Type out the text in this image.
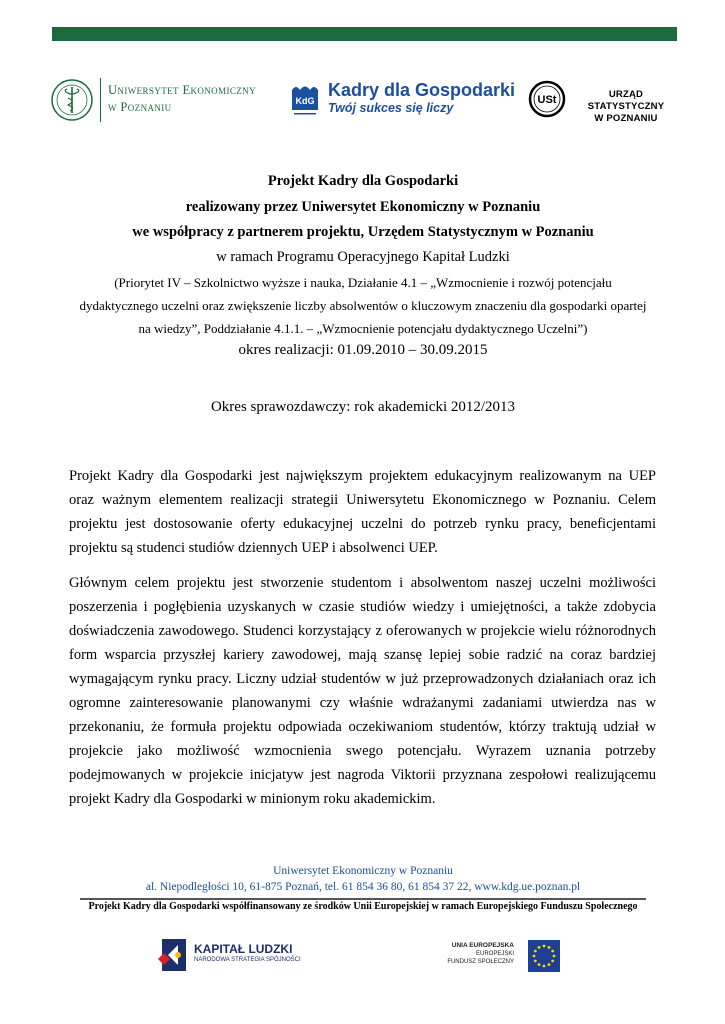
Uniwersytet Ekonomiczny
w Poznaniu	KdG
Kadry dla Gospodarki
Twój sukces się liczy
USt	URZĄD STATYSTYCZNY
W POZNANIU
Projekt Kadry dla Gospodarki
realizowany przez Uniwersytet Ekonomiczny w Poznaniu
we współpracy z partnerem projektu, Urzędem Statystycznym w Poznaniu
w ramach Programu Operacyjnego Kapitał Ludzki
(Priorytet IV – Szkolnictwo wyższe i nauka, Działanie 4.1 – „Wzmocnienie i rozwój potencjału
dydaktycznego uczelni oraz zwiększenie liczby absolwentów o kluczowym znaczeniu dla gospodarki opartej
na wiedzy”, Poddziałanie 4.1.1. – „Wzmocnienie potencjału dydaktycznego Uczelni”)
okres realizacji: 01.09.2010 – 30.09.2015
Okres sprawozdawczy: rok akademicki 2012/2013
Projekt Kadry dla Gospodarki jest największym projektem edukacyjnym realizowanym na UEP
oraz ważnym elementem realizacji strategii Uniwersytetu Ekonomicznego w Poznaniu. Celem
projektu jest dostosowanie oferty edukacyjnej uczelni do potrzeb rynku pracy, beneficjentami
projektu są studenci studiów dziennych UEP i absolwenci UEP.
Głównym celem projektu jest stworzenie studentom i absolwentom naszej uczelni możliwości
poszerzenia i pogłębienia uzyskanych w czasie studiów wiedzy i umiejętności, a także zdobycia
doświadczenia zawodowego. Studenci korzystający z oferowanych w projekcie wielu różnorodnych
form wsparcia przyszłej kariery zawodowej, mają szansę lepiej sobie radzić na coraz bardziej
wymagającym rynku pracy. Liczny udział studentów w już przeprowadzonych działaniach oraz ich
ogromne zainteresowanie planowanymi czy właśnie wdrażanymi zadaniami utwierdza nas w
przekonaniu, że formuła projektu odpowiada oczekiwaniom studentów, którzy traktują udział w
projekcie jako możliwość wzmocnienia swego potencjału. Wyrazem uznania potrzeby
podejmowanych w projekcie inicjatyw jest nagroda Viktorii przyznana zespołowi realizującemu
projekt Kadry dla Gospodarki w minionym roku akademickim.
Uniwersytet Ekonomiczny w Poznaniu
al. Niepodległości 10, 61-875 Poznań, tel. 61 854 36 80, 61 854 37 22, www.kdg.ue.poznan.pl
Projekt Kadry dla Gospodarki współfinansowany ze środków Unii Europejskiej w ramach Europejskiego Funduszu Społecznego
KAPITAŁ LUDZKI
NARODOWA STRATEGIA SPÓJNOŚCI
UNIA EUROPEJSKA
EUROPEJSKI
FUNDUSZ SPOŁECZNY
